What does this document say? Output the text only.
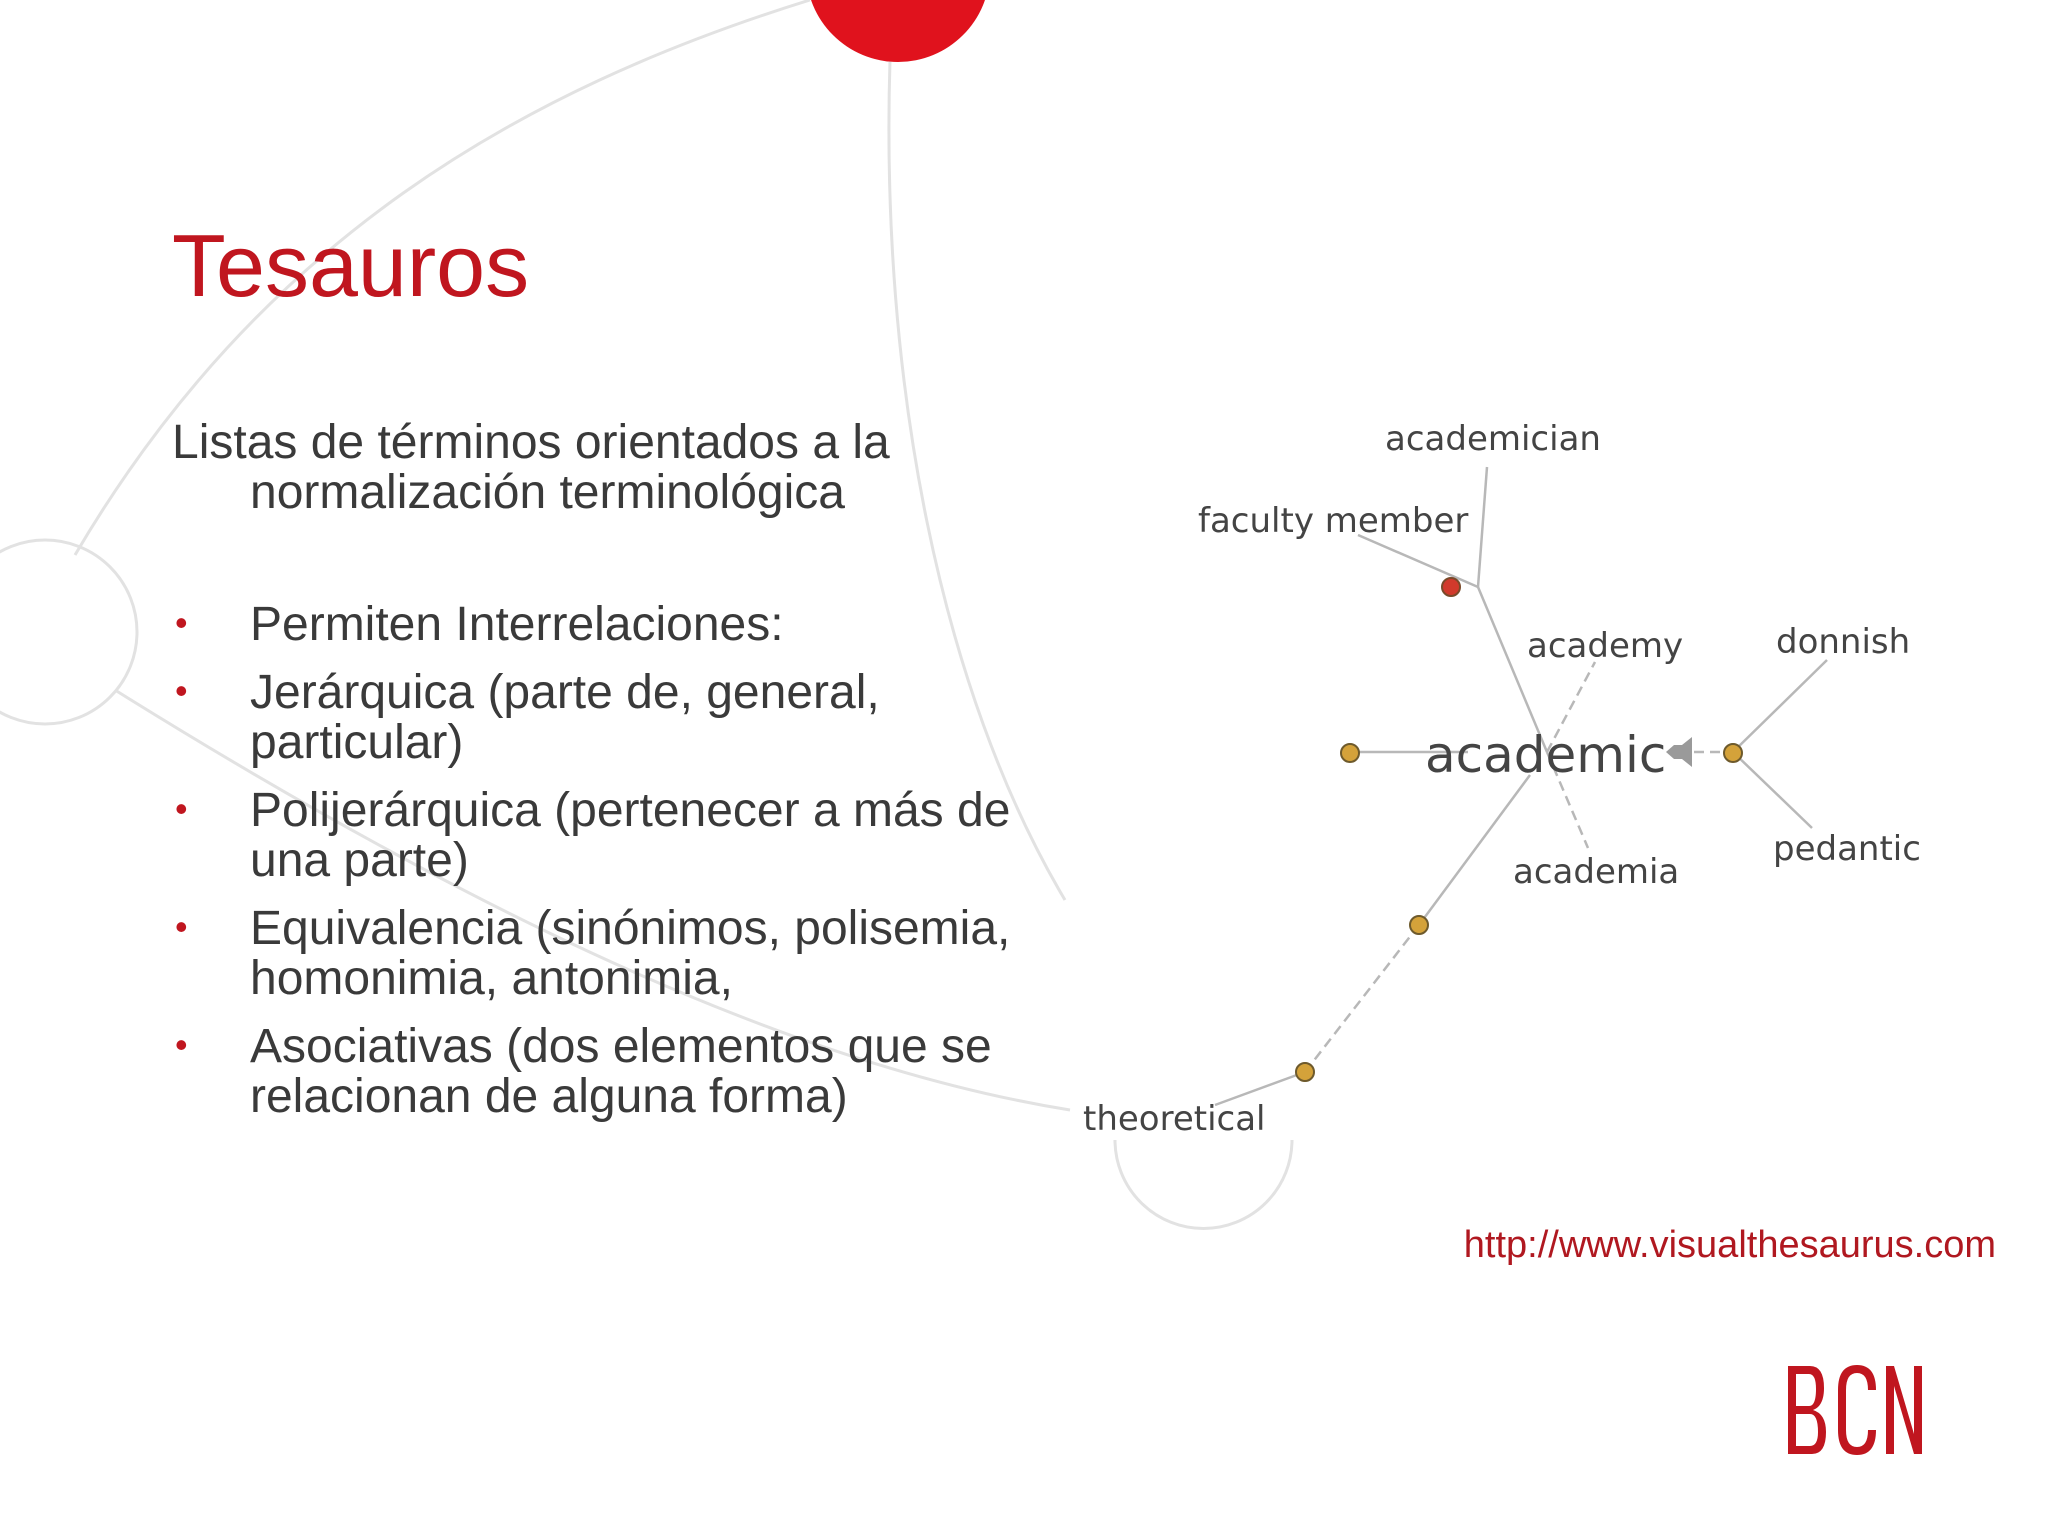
Tesauros
Listas de términos orientados a la normalización terminológica
• Permiten Interrelaciones:
• Jerárquica (parte de, general, particular)
• Polijerárquica (pertenecer a más de una parte)
• Equivalencia (sinónimos, polisemia, homonimia, antonimia,
• Asociativas (dos elementos que se relacionan de alguna forma)
academician
faculty member
academy	donnish
academic
pedantic
academia
theoretical
http://www.visualthesaurus.com
